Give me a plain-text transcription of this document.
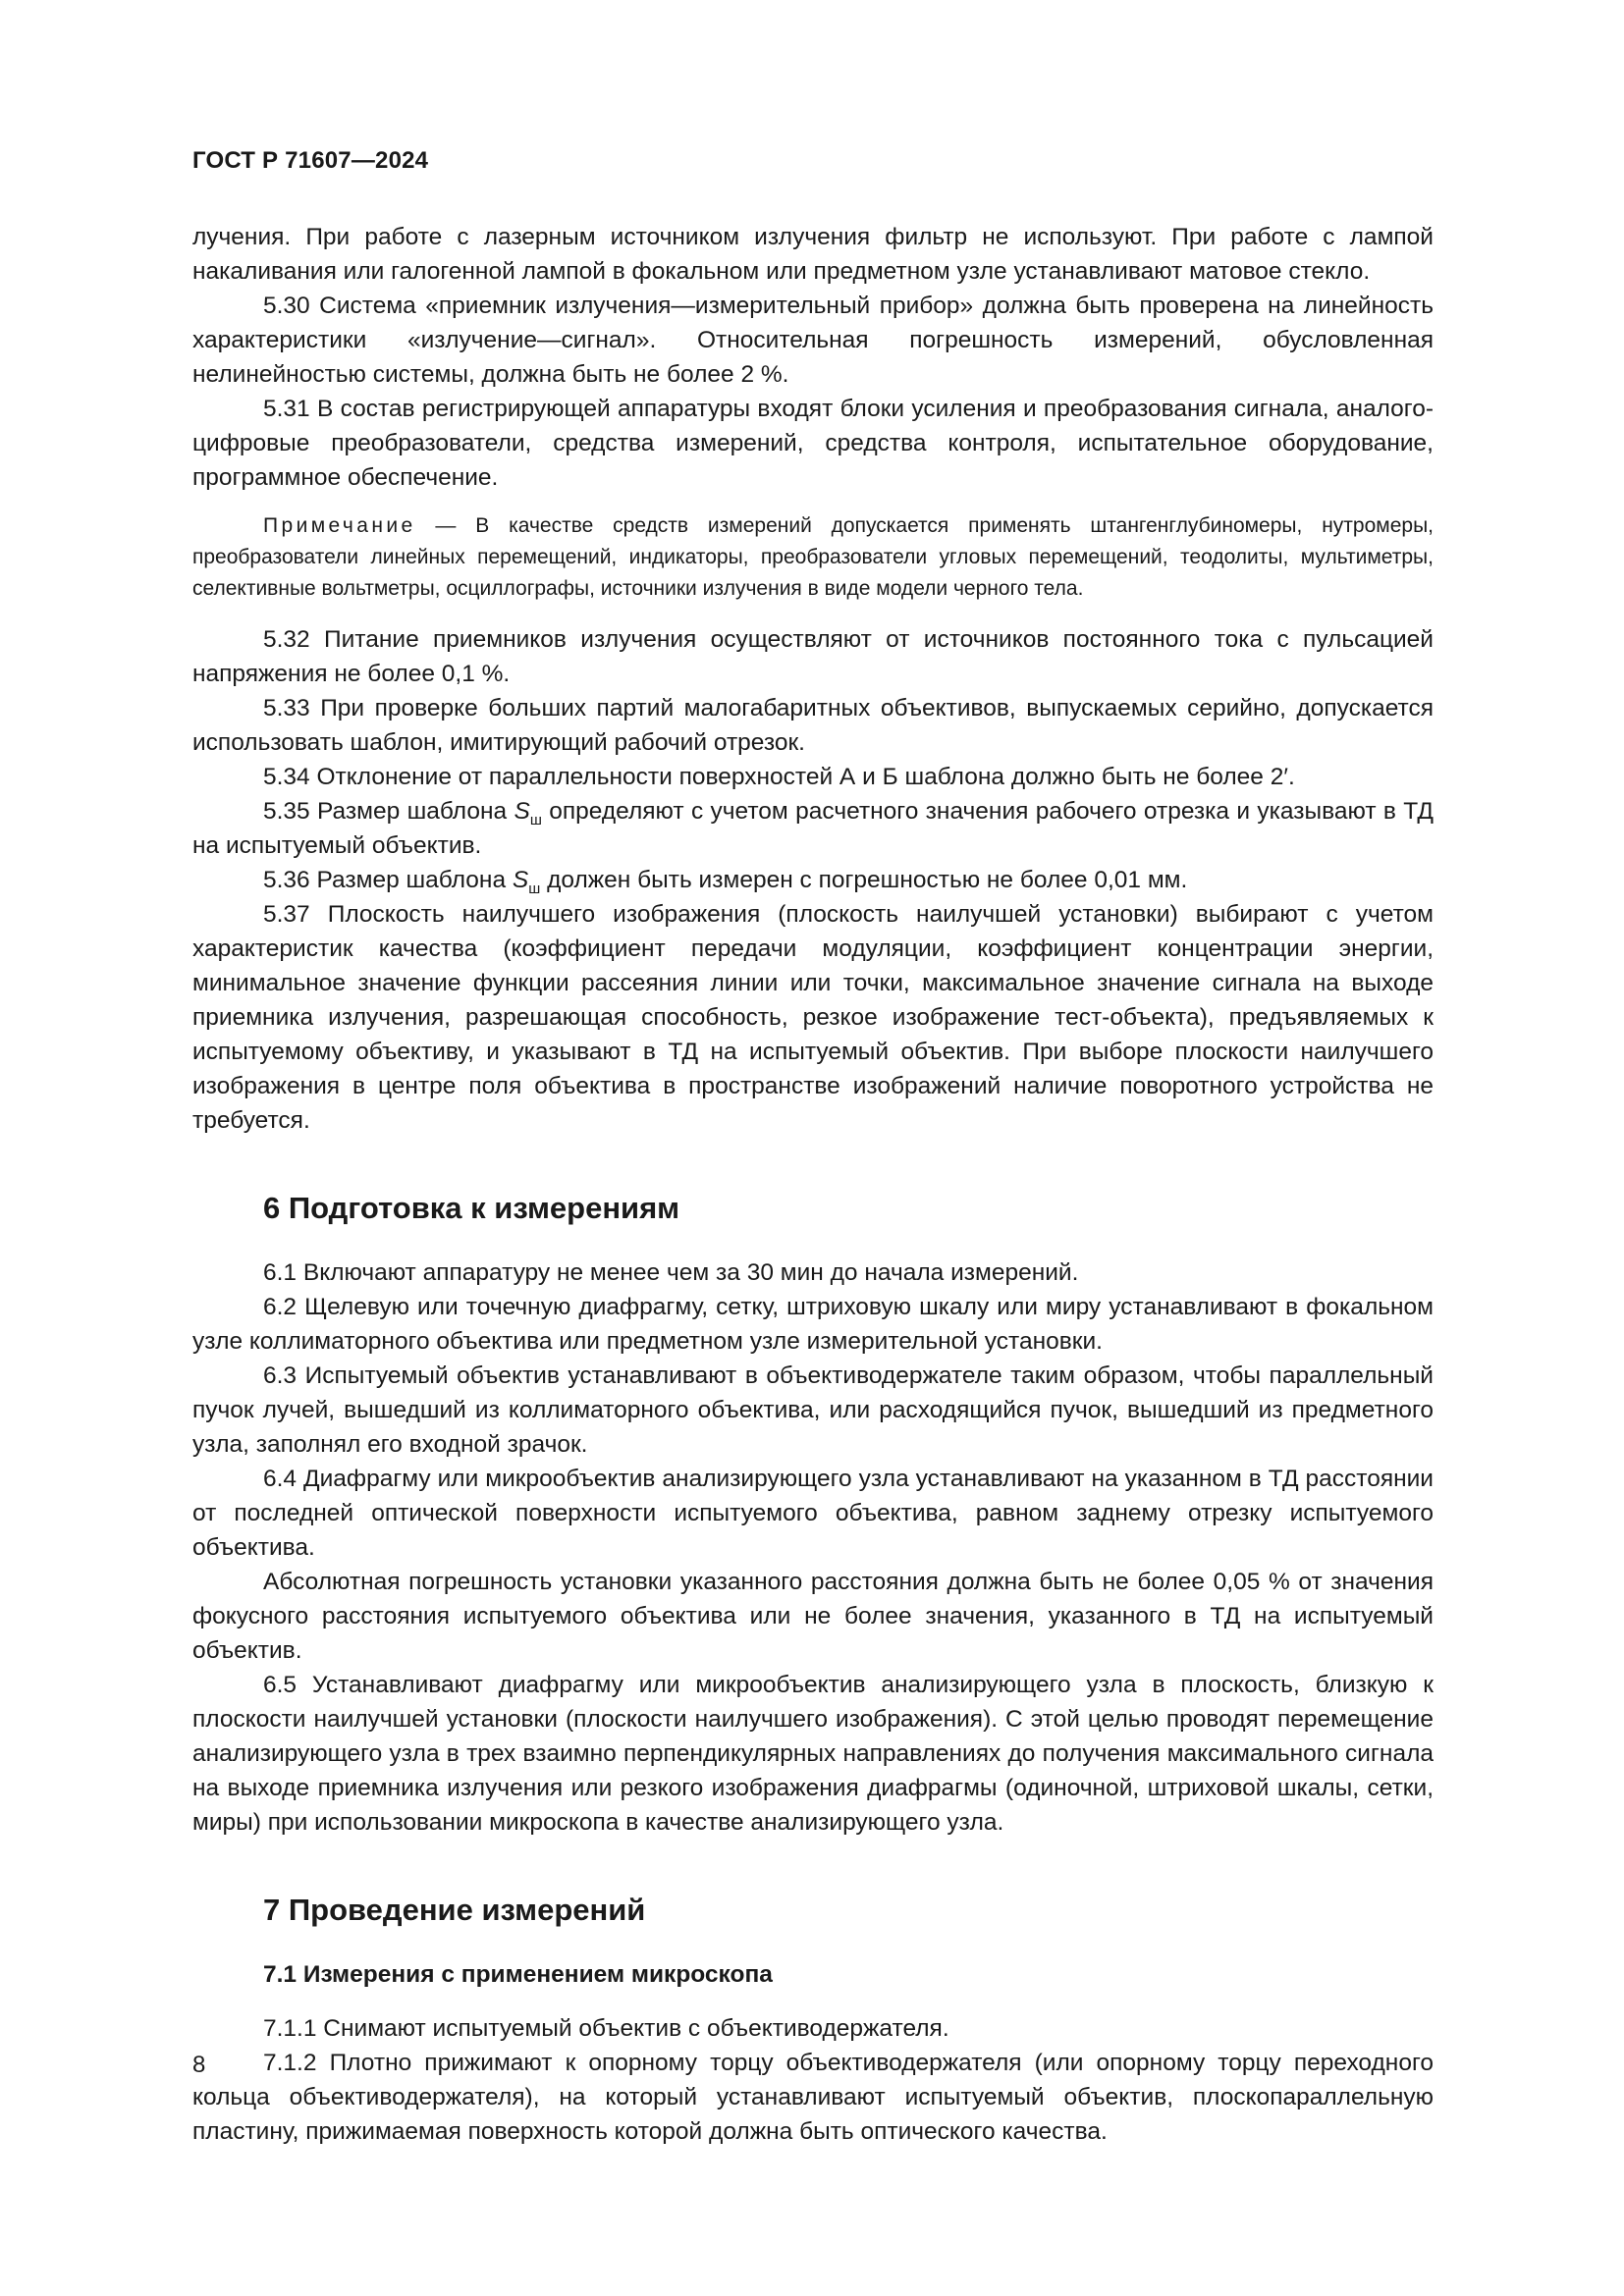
ГОСТ Р 71607—2024

лучения. При работе с лазерным источником излучения фильтр не используют. При работе с лампой накаливания или галогенной лампой в фокальном или предметном узле устанавливают матовое стекло.

5.30 Система «приемник излучения—измерительный прибор» должна быть проверена на линейность характеристики «излучение—сигнал». Относительная погрешность измерений, обусловленная нелинейностью системы, должна быть не более 2 %.

5.31 В состав регистрирующей аппаратуры входят блоки усиления и преобразования сигнала, аналого-цифровые преобразователи, средства измерений, средства контроля, испытательное оборудование, программное обеспечение.

Примечание — В качестве средств измерений допускается применять штангенглубиномеры, нутромеры, преобразователи линейных перемещений, индикаторы, преобразователи угловых перемещений, теодолиты, мультиметры, селективные вольтметры, осциллографы, источники излучения в виде модели черного тела.

5.32 Питание приемников излучения осуществляют от источников постоянного тока с пульсацией напряжения не более 0,1 %.

5.33 При проверке больших партий малогабаритных объективов, выпускаемых серийно, допускается использовать шаблон, имитирующий рабочий отрезок.

5.34 Отклонение от параллельности поверхностей А и Б шаблона должно быть не более 2′.

5.35 Размер шаблона $S_ш$ определяют с учетом расчетного значения рабочего отрезка и указывают в ТД на испытуемый объектив.

5.36 Размер шаблона $S_ш$ должен быть измерен с погрешностью не более 0,01 мм.

5.37 Плоскость наилучшего изображения (плоскость наилучшей установки) выбирают с учетом характеристик качества (коэффициент передачи модуляции, коэффициент концентрации энергии, минимальное значение функции рассеяния линии или точки, максимальное значение сигнала на выходе приемника излучения, разрешающая способность, резкое изображение тест-объекта), предъявляемых к испытуемому объективу, и указывают в ТД на испытуемый объектив. При выборе плоскости наилучшего изображения в центре поля объектива в пространстве изображений наличие поворотного устройства не требуется.

6 Подготовка к измерениям

6.1 Включают аппаратуру не менее чем за 30 мин до начала измерений.

6.2 Щелевую или точечную диафрагму, сетку, штриховую шкалу или миру устанавливают в фокальном узле коллиматорного объектива или предметном узле измерительной установки.

6.3 Испытуемый объектив устанавливают в объективодержателе таким образом, чтобы параллельный пучок лучей, вышедший из коллиматорного объектива, или расходящийся пучок, вышедший из предметного узла, заполнял его входной зрачок.

6.4 Диафрагму или микрообъектив анализирующего узла устанавливают на указанном в ТД расстоянии от последней оптической поверхности испытуемого объектива, равном заднему отрезку испытуемого объектива.

Абсолютная погрешность установки указанного расстояния должна быть не более 0,05 % от значения фокусного расстояния испытуемого объектива или не более значения, указанного в ТД на испытуемый объектив.

6.5 Устанавливают диафрагму или микрообъектив анализирующего узла в плоскость, близкую к плоскости наилучшей установки (плоскости наилучшего изображения). С этой целью проводят перемещение анализирующего узла в трех взаимно перпендикулярных направлениях до получения максимального сигнала на выходе приемника излучения или резкого изображения диафрагмы (одиночной, штриховой шкалы, сетки, миры) при использовании микроскопа в качестве анализирующего узла.

7 Проведение измерений
7.1 Измерения с применением микроскопа

7.1.1 Снимают испытуемый объектив с объективодержателя.

7.1.2 Плотно прижимают к опорному торцу объективодержателя (или опорному торцу переходного кольца объективодержателя), на который устанавливают испытуемый объектив, плоскопараллельную пластину, прижимаемая поверхность которой должна быть оптического качества.

8
